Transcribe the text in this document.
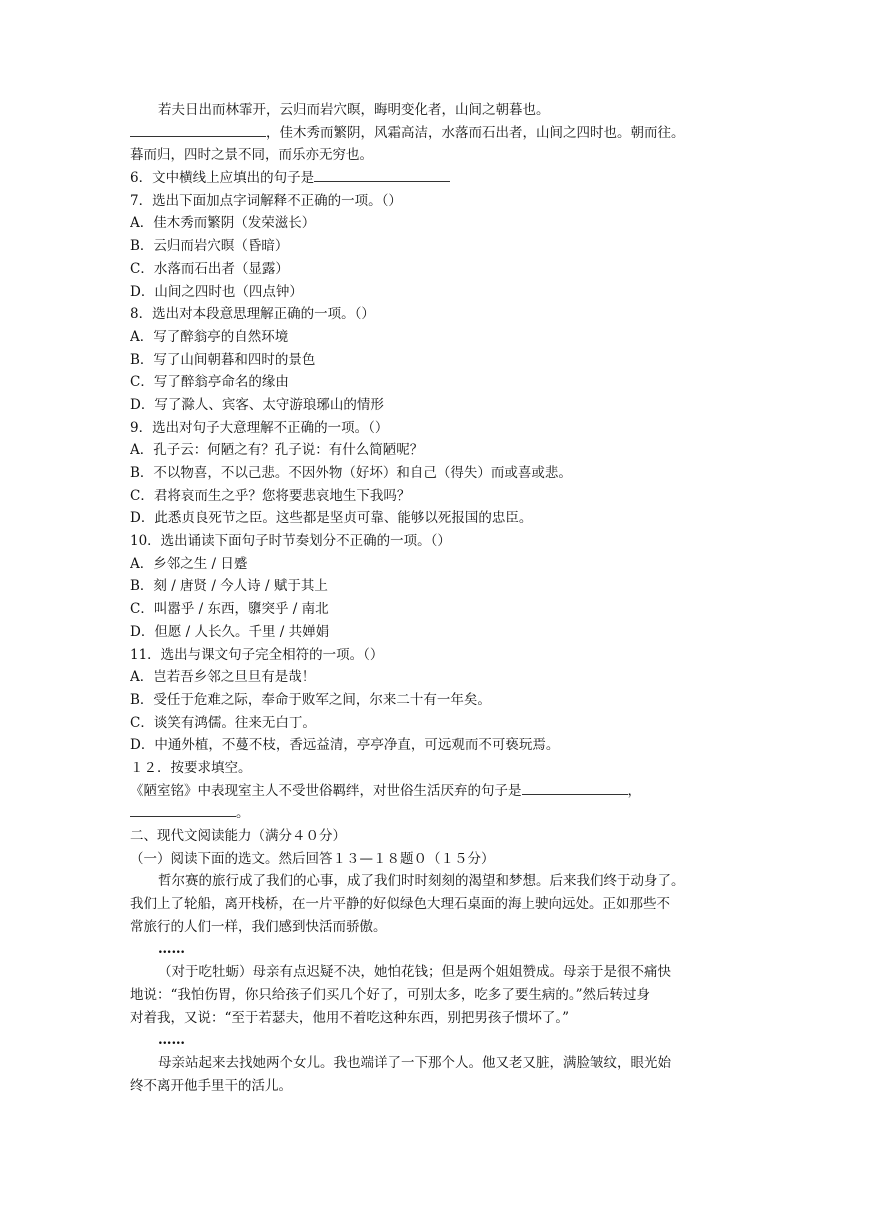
若夫日出而林霏开，云归而岩穴暝，晦明变化者，山间之朝暮也。
，佳木秀而繁阴，风霜高洁，水落而石出者，山间之四时也。朝而往。
暮而归，四时之景不同，而乐亦无穷也。
6．文中横线上应填出的句子是
7．选出下面加点字词解释不正确的一项。（）
A．佳木秀而繁阴（发荣滋长）
B．云归而岩穴暝（昏暗）
C．水落而石出者（显露）
D．山间之四时也（四点钟）
8．选出对本段意思理解正确的一项。（）
A．写了醉翁亭的自然环境
B．写了山间朝暮和四时的景色
C．写了醉翁亭命名的缘由
D．写了滁人、宾客、太守游琅琊山的情形
9．选出对句子大意理解不正确的一项。（）
A．孔子云：何陋之有？孔子说：有什么简陋呢？
B．不以物喜，不以己悲。不因外物（好坏）和自己（得失）而或喜或悲。
C．君将哀而生之乎？您将要悲哀地生下我吗？
D．此悉贞良死节之臣。这些都是坚贞可靠、能够以死报国的忠臣。
10．选出诵读下面句子时节奏划分不正确的一项。（）
A．乡邻之生 / 日蹙
B．刻 / 唐贤 / 今人诗 / 赋于其上
C．叫嚣乎 / 东西，隳突乎 / 南北
D．但愿 / 人长久。千里 / 共婵娟
11．选出与课文句子完全相符的一项。（）
A．岂若吾乡邻之旦旦有是哉！
B．受任于危难之际，奉命于败军之间，尔来二十有一年矣。
C．谈笑有鸿儒。往来无白丁。
D．中通外植，不蔓不枝，香远益清，亭亭净直，可远观而不可亵玩焉。
１２．按要求填空。
《陋室铭》中表现室主人不受世俗羁绊，对世俗生活厌弃的句子是	，
。
二、现代文阅读能力（满分４０分）
（一）阅读下面的选文。然后回答１３—１８题０（１５分）
哲尔赛的旅行成了我们的心事，成了我们时时刻刻的渴望和梦想。后来我们终于动身了。
我们上了轮船，离开栈桥，在一片平静的好似绿色大理石桌面的海上驶向远处。正如那些不
常旅行的人们一样，我们感到快活而骄傲。
……
（对于吃牡蛎）母亲有点迟疑不决，她怕花钱；但是两个姐姐赞成。母亲于是很不痛快
地说：“我怕伤胃，你只给孩子们买几个好了，可别太多，吃多了要生病的。”然后转过身
对着我，又说：“至于若瑟夫，他用不着吃这种东西，别把男孩子惯坏了。”
……
母亲站起来去找她两个女儿。我也端详了一下那个人。他又老又脏，满脸皱纹，眼光始
终不离开他手里干的活儿。
